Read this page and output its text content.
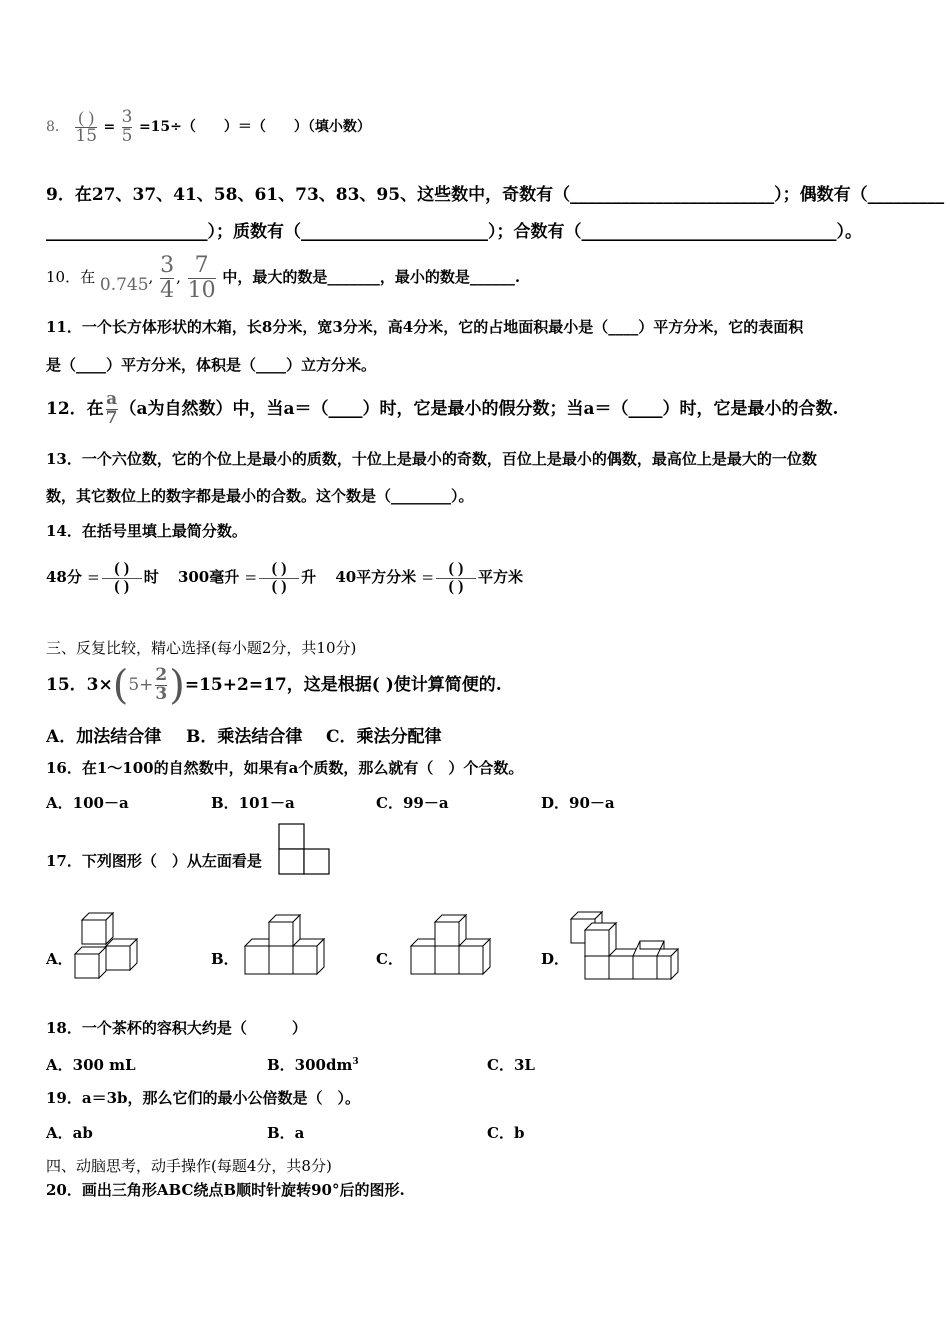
8． $\frac{( )}{15} = \frac{3}{5} =15\div$（　　）＝（　　）（填小数）
9．在27、37、41、58、61、73、83、95、这些数中，奇数有（________________________）；偶数有（_________
___________________）；质数有（______________________）；合数有（______________________________）。
10．在 0.745, $\frac{3}{4}$ , $\frac{7}{10}$ 中，最大的数是_______，最小的数是______.
11．一个长方体形状的木箱，长8分米，宽3分米，高4分米，它的占地面积最小是（____）平方分米，它的表面积
是（____）平方分米，体积是（____）立方分米。
12．在 $\frac{a}{7} (a$为自然数）中，当a＝（____）时，它是最小的假分数；当a＝（____）时，它是最小的合数.
13．一个六位数，它的个位上是最小的质数，十位上是最小的奇数，百位上是最小的偶数，最高位上是最大的一位数
数，其它数位上的数字都是最小的合数。这个数是（________）。
14．在括号里填上最简分数。
48分 = $\frac{( )}{( )}$ 时 300毫升 = $\frac{( )}{( )}$ 升 40平方分米 = $\frac{( )}{( )}$ 平方米
三、反复比较，精心选择(每小题2分，共10分)
15．$3\times(5+ \frac{2}{3} )=15+2=17$，这是根据( )使计算简便的.
A．加法结合律 B．乘法结合律 C．乘法分配律
16．在1～100的自然数中，如果有a个质数，那么就有（　）个合数。
A．100－a	B．101－a	C．99－a	D．90－a
17．下列图形（　）从左面看是
A．	B．	C．	D．
18．一个茶杯的容积大约是（　　　）
A．300 mL	B．$300dm^3$	C．3L
19．a＝3b，那么它们的最小公倍数是（　）。
A．ab	B．a	C．b
四、动脑思考，动手操作(每题4分，共8分)
20．画出三角形ABC绕点B顺时针旋转90°后的图形.
